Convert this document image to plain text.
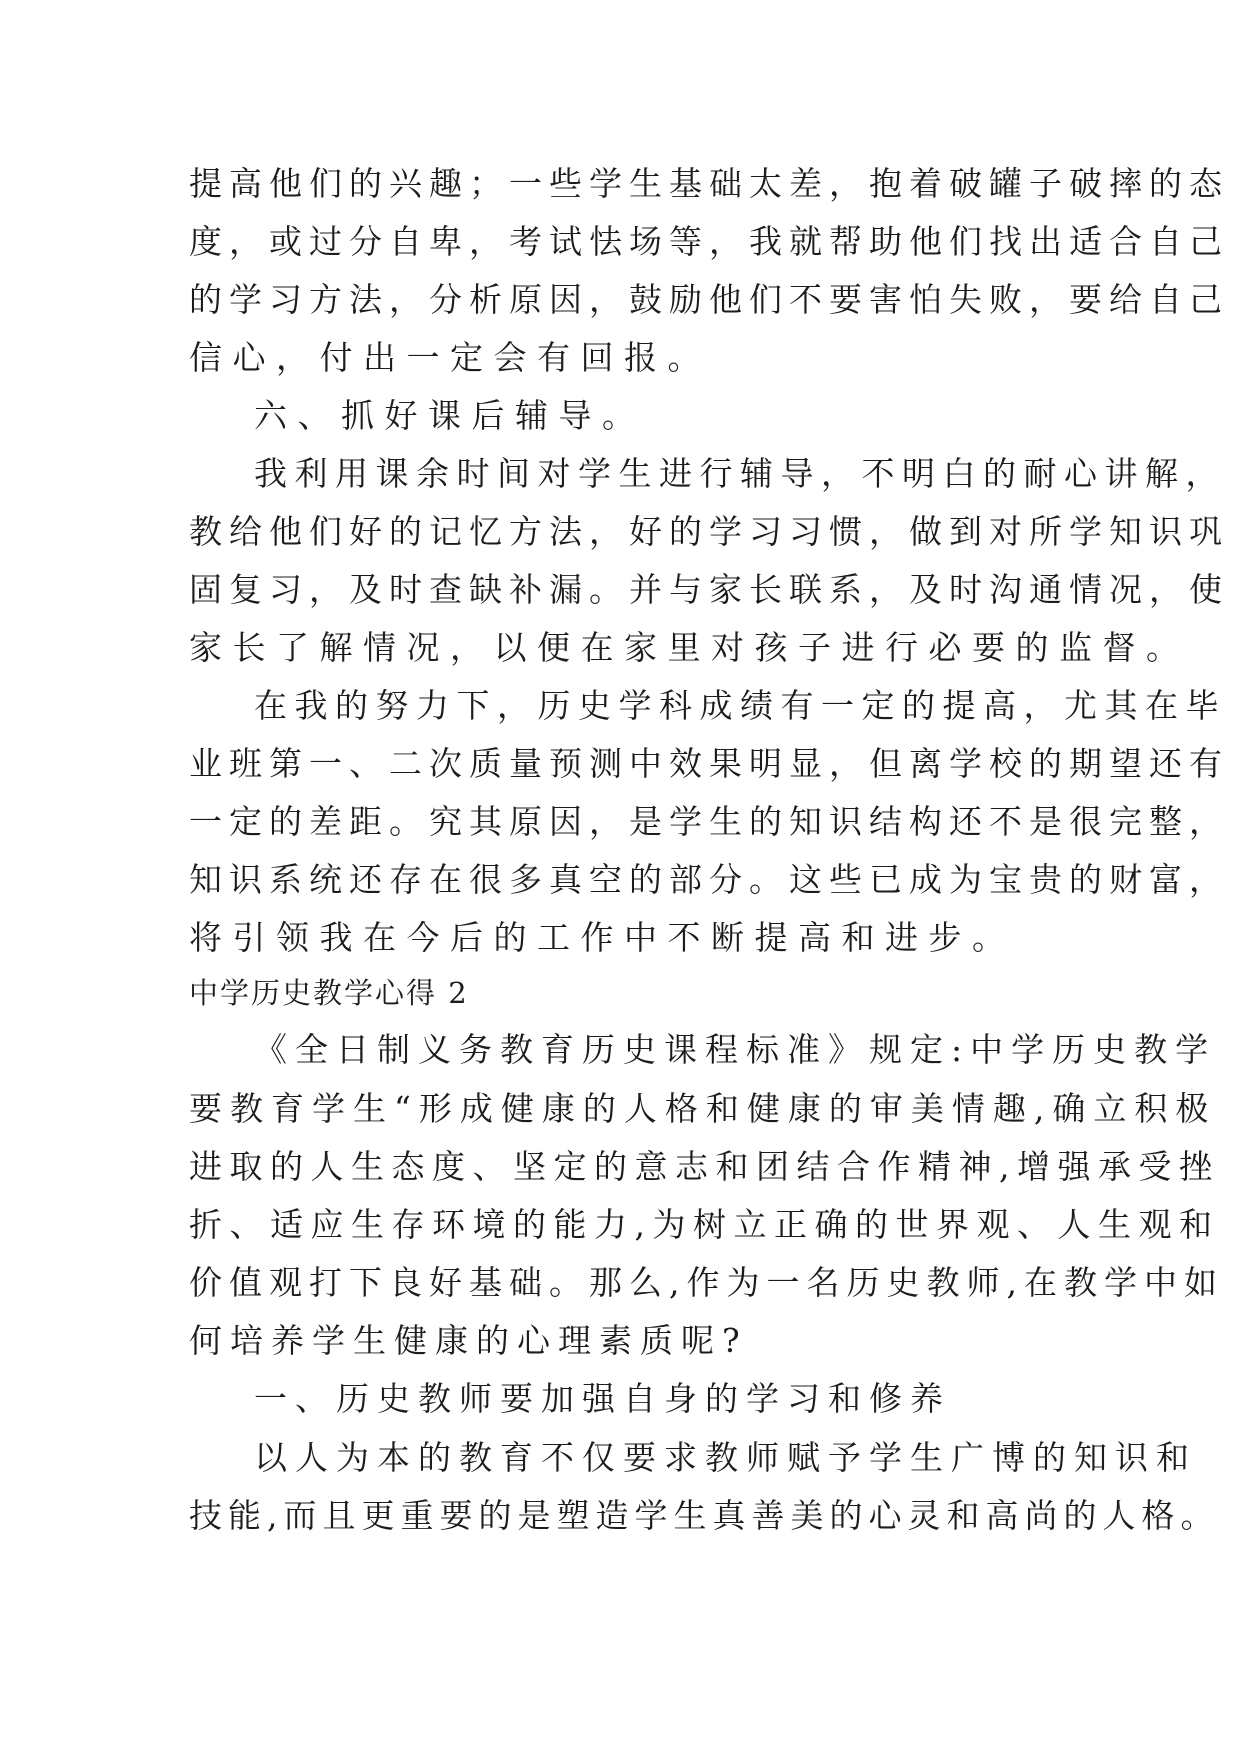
提高他们的兴趣；一些学生基础太差，抱着破罐子破摔的态
度，或过分自卑，考试怯场等，我就帮助他们找出适合自己
的学习方法，分析原因，鼓励他们不要害怕失败，要给自己
信心，付出一定会有回报。
六、抓好课后辅导。
我利用课余时间对学生进行辅导，不明白的耐心讲解，
教给他们好的记忆方法，好的学习习惯，做到对所学知识巩
固复习，及时查缺补漏。并与家长联系，及时沟通情况，使
家长了解情况，以便在家里对孩子进行必要的监督。
在我的努力下，历史学科成绩有一定的提高，尤其在毕
业班第一、二次质量预测中效果明显，但离学校的期望还有
一定的差距。究其原因，是学生的知识结构还不是很完整，
知识系统还存在很多真空的部分。这些已成为宝贵的财富，
将引领我在今后的工作中不断提高和进步。
中学历史教学心得 2
《全日制义务教育历史课程标准》规定:中学历史教学
要教育学生“形成健康的人格和健康的审美情趣,确立积极
进取的人生态度、坚定的意志和团结合作精神,增强承受挫
折、适应生存环境的能力,为树立正确的世界观、人生观和
价值观打下良好基础。那么,作为一名历史教师,在教学中如
何培养学生健康的心理素质呢?
一、历史教师要加强自身的学习和修养
以人为本的教育不仅要求教师赋予学生广博的知识和
技能,而且更重要的是塑造学生真善美的心灵和高尚的人格。
